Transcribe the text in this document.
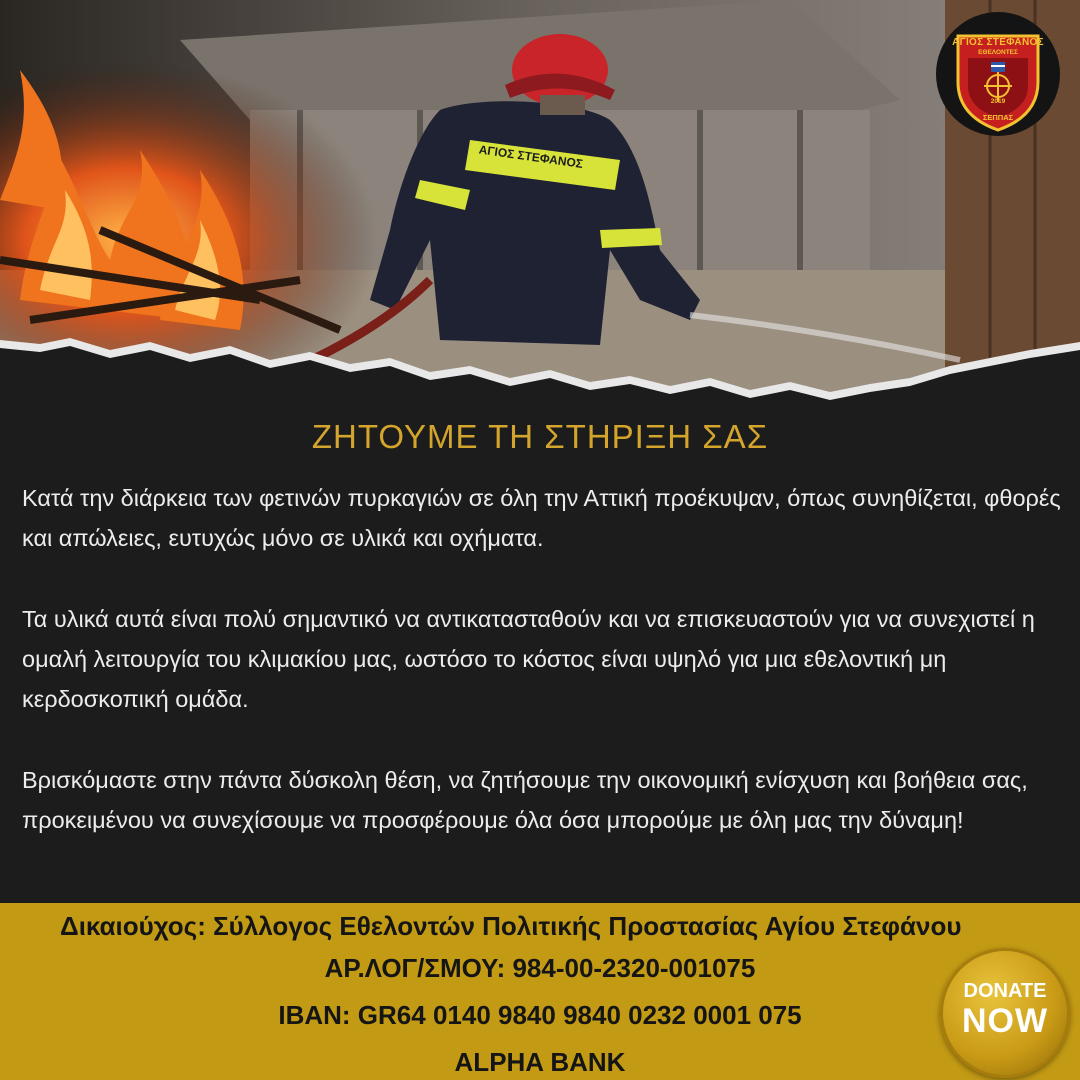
ΑΓΙΟΣ ΣΤΕΦΑΝΟΣ
ΑΓΙΟΣ ΣΤΕΦΑΝΟΣ
ΕΘΕΛΟΝΤΕΣ
2019
ΣΕΠΠΑΣ
ΖΗΤΟΥΜΕ ΤΗ ΣΤΗΡΙΞΗ ΣΑΣ

Κατά την διάρκεια των φετινών πυρκαγιών σε όλη την Αττική προέκυψαν, όπως συνηθίζεται, φθορές και απώλειες, ευτυχώς μόνο σε υλικά και οχήματα.

Τα υλικά αυτά είναι πολύ σημαντικό να αντικατασταθούν και να επισκευαστούν για να συνεχιστεί η ομαλή λειτουργία του κλιμακίου μας, ωστόσο το κόστος είναι υψηλό για μια εθελοντική μη κερδοσκοπική ομάδα.

Βρισκόμαστε στην πάντα δύσκολη θέση, να ζητήσουμε την οικονομική ενίσχυση και βοήθεια σας, προκειμένου να συνεχίσουμε να προσφέρουμε όλα όσα μπορούμε με όλη μας την δύναμη!

Δικαιούχος: Σύλλογος Εθελοντών Πολιτικής Προστασίας Αγίου Στεφάνου
ΑΡ.ΛΟΓ/ΣΜΟΥ: 984-00-2320-001075
IBAN: GR64 0140 9840 9840 0232 0001 075
ALPHA BANK
DONATE
NOW
